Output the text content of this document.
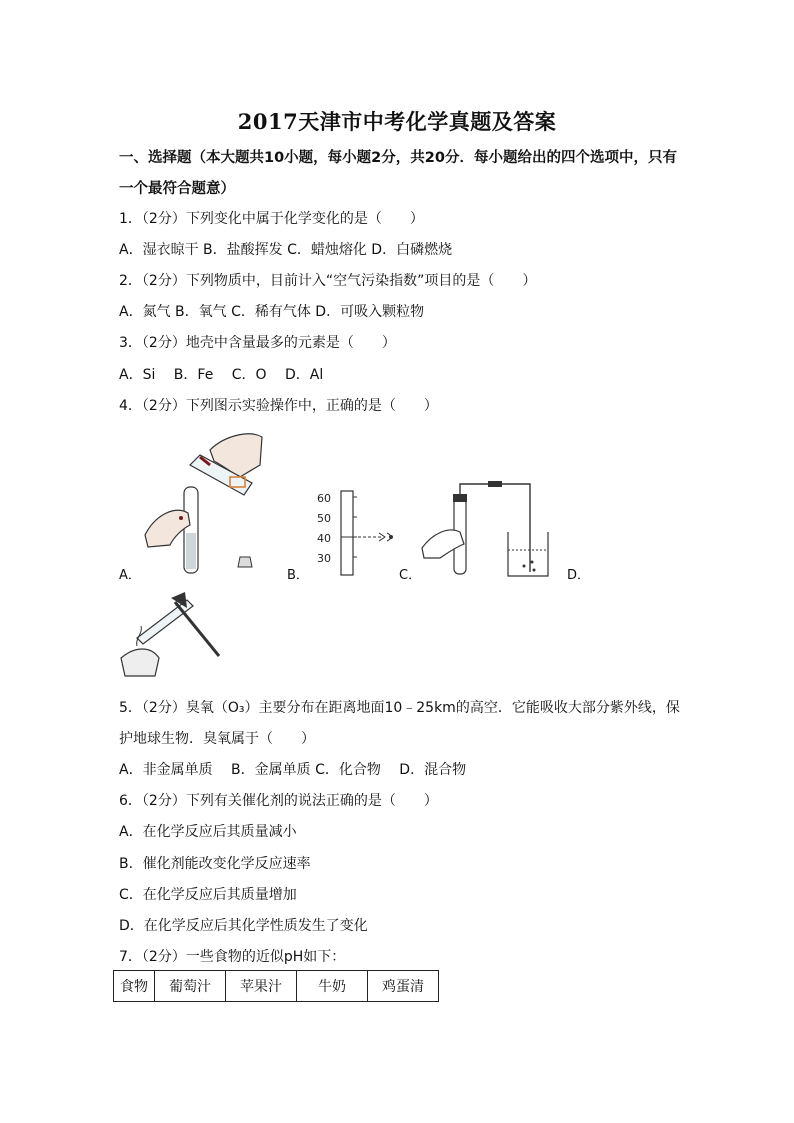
2017天津市中考化学真题及答案
一、选择题（本大题共10小题，每小题2分，共20分．每小题给出的四个选项中，只有
一个最符合题意）
1．（2分）下列变化中属于化学变化的是（　　）
A．湿衣晾干 B．盐酸挥发 C．蜡烛熔化 D．白磷燃烧
2．（2分）下列物质中，目前计入“空气污染指数”项目的是（　　）
A．氮气 B．氧气 C．稀有气体 D．可吸入颗粒物
3．（2分）地壳中含量最多的元素是（　　）
A．Si　 B．Fe　 C．O　 D．Al
4．（2分）下列图示实验操作中，正确的是（　　）
60
50
40
30
A．	B．	C．	D．
5．（2分）臭氧（O₃）主要分布在距离地面10﹣25km的高空．它能吸收大部分紫外线，保
护地球生物．臭氧属于（　　）
A．非金属单质　 B．金属单质 C．化合物　 D．混合物
6．（2分）下列有关催化剂的说法正确的是（　　）
A．在化学反应后其质量减小
B．催化剂能改变化学反应速率
C．在化学反应后其质量增加
D．在化学反应后其化学性质发生了变化
7．（2分）一些食物的近似pH如下：
食物	葡萄汁	苹果汁	牛奶	鸡蛋清
